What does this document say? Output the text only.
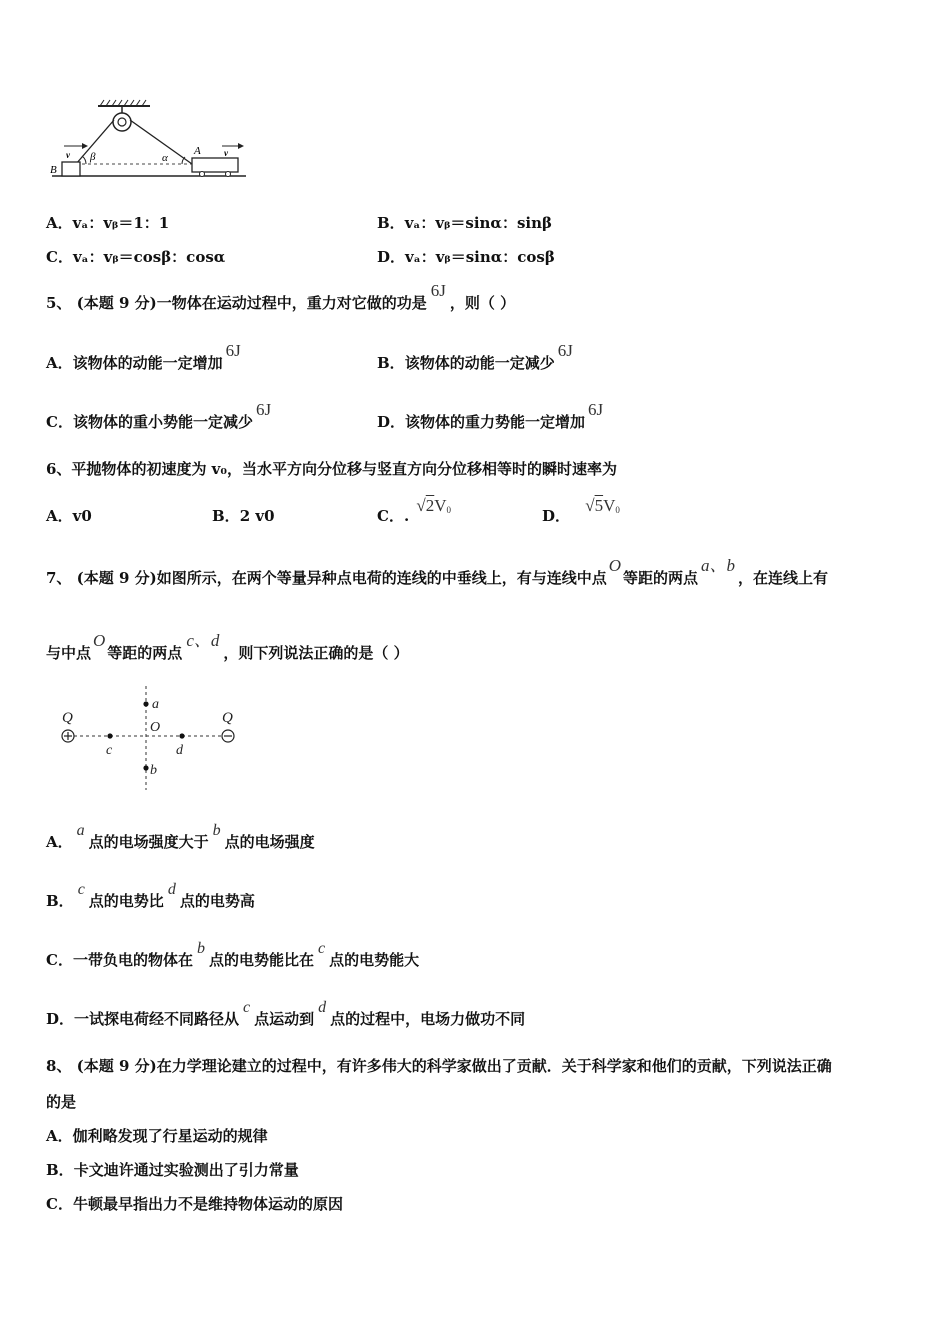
B
v β	α
A	v
A．vₐ：vᵦ＝1：1	B．vₐ：vᵦ＝sinα：sinβ
C．vₐ：vᵦ＝cosβ：cosα	D．vₐ：vᵦ＝sinα：cosβ
5、 (本题 9 分)一物体在运动过程中，重力对它做的功是6J，则（ ）
A．该物体的动能一定增加6J
B．该物体的动能一定减少6J
C．该物体的重小势能一定减少6J
D．该物体的重力势能一定增加6J
6、平抛物体的初速度为 v₀，当水平方向分位移与竖直方向分位移相等时的瞬时速率为
A．v0	B．2 v0	C．. $√2V_0$	D． $√5V_0$
7、 (本题 9 分)如图所示，在两个等量异种点电荷的连线的中垂线上，有与连线中点O等距的两点a、b，在连线上有
与中点O等距的两点c、d，则下列说法正确的是（ ）
Q	Q
a
b
c	d
O
A．a点的电场强度大于b点的电场强度
B．c点的电势比d点的电势高
C．一带负电的物体在b点的电势能比在c点的电势能大
D．一试探电荷经不同路径从c点运动到d点的过程中，电场力做功不同
8、 (本题 9 分)在力学理论建立的过程中，有许多伟大的科学家做出了贡献．关于科学家和他们的贡献，下列说法正确
的是
A．伽利略发现了行星运动的规律
B．卡文迪许通过实验测出了引力常量
C．牛顿最早指出力不是维持物体运动的原因
